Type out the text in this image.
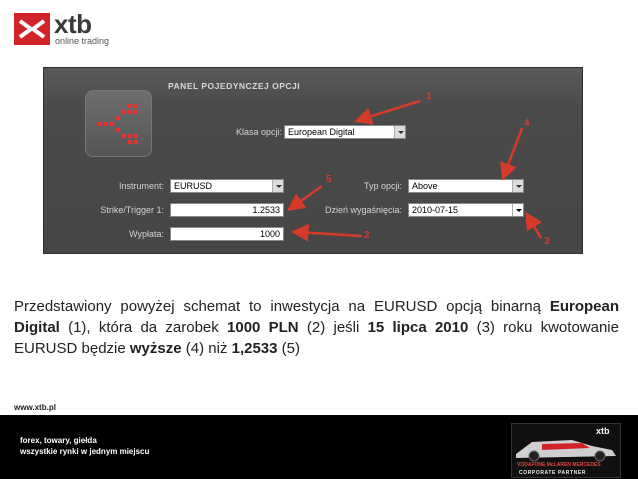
xtb
online trading
PANEL POJEDYNCZEJ OPCJI
Klasa opcji: European Digital
Instrument:	EURUSD
Strike/Trigger 1:	1.2533
Wypłata:	1000
Typ opcji:	Above
Dzień wygaśnięcia:	2010-07-15
1
2
3
4
5

Przedstawiony powyżej schemat to inwestycja na EURUSD opcją binarną European Digital (1), która da zarobek 1000 PLN (2) jeśli 15 lipca 2010 (3) roku kwotowanie EURUSD będzie wyższe (4) niż 1,2533 (5)

www.xtb.pl
forex, towary, giełda
wszystkie rynki w jednym miejscu
xtb
VODAFONE McLAREN MERCEDES
CORPORATE PARTNER
